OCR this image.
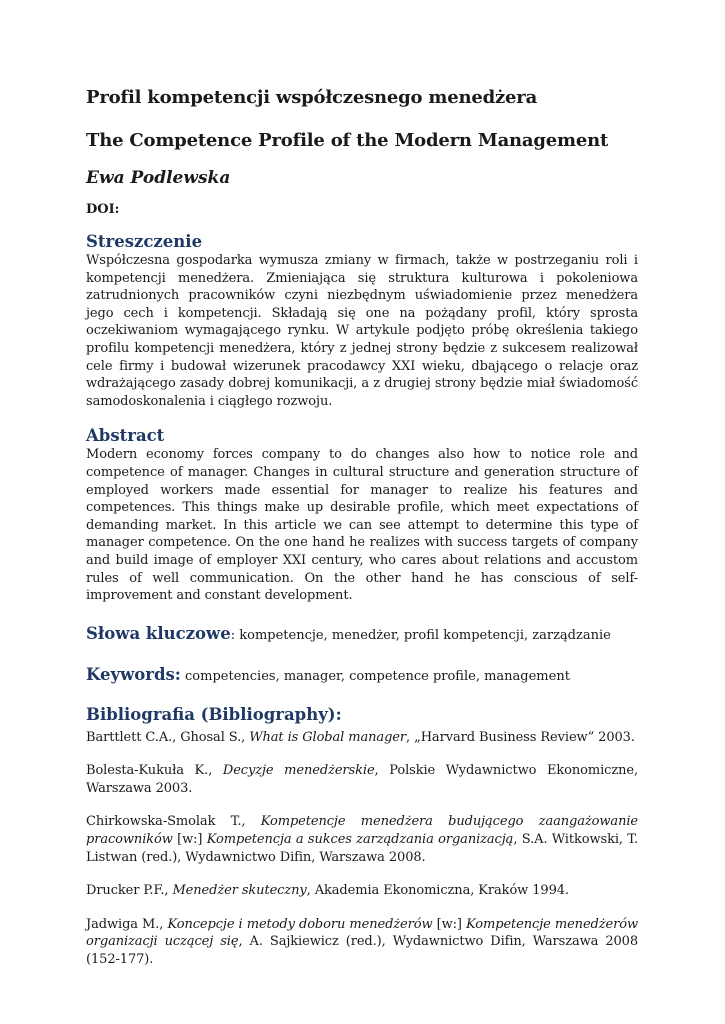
Profil kompetencji współczesnego menedżera
The Competence Profile of the Modern Management
Ewa Podlewska
DOI:
Streszczenie

Współczesna gospodarka wymusza zmiany w firmach, także w postrzeganiu roli i kompetencji menedżera. Zmieniająca się struktura kulturowa i pokoleniowa zatrudnionych pracowników czyni niezbędnym uświadomienie przez menedżera jego cech i kompetencji. Składają się one na pożądany profil, który sprosta oczekiwaniom wymagającego rynku. W artykule podjęto próbę określenia takiego profilu kompetencji menedżera, który z jednej strony będzie z sukcesem realizował cele firmy i budował wizerunek pracodawcy XXI wieku, dbającego o relacje oraz wdrażającego zasady dobrej komunikacji, a z drugiej strony będzie miał świadomość samodoskonalenia i ciągłego rozwoju.

Abstract

Modern economy forces company to do changes also how to notice role and competence of manager. Changes in cultural structure and generation structure of employed workers made essential for manager to realize his features and competences. This things make up desirable profile, which meet expectations of demanding market. In this article we can see attempt to determine this type of manager competence. On the one hand he realizes with success targets of company and build image of employer XXI century, who cares about relations and accustom rules of well communication. On the other hand he has conscious of self-improvement and constant development.

Słowa kluczowe: kompetencje, menedżer, profil kompetencji, zarządzanie
Keywords: competencies, manager, competence profile, management
Bibliografia (Bibliography):
Barttlett C.A., Ghosal S., What is Global manager, „Harvard Business Review” 2003.
Bolesta-Kukuła K., Decyzje menedżerskie, Polskie Wydawnictwo Ekonomiczne, Warszawa 2003.
Chirkowska-Smolak T., Kompetencje menedżera budującego zaangażowanie pracowników [w:] Kompetencja a sukces zarządzania organizacją, S.A. Witkowski, T. Listwan (red.), Wydawnictwo Difin, Warszawa 2008.
Drucker P.F., Menedżer skuteczny, Akademia Ekonomiczna, Kraków 1994.
Jadwiga M., Koncepcje i metody doboru menedżerów [w:] Kompetencje menedżerów organizacji uczącej się, A. Sajkiewicz (red.), Wydawnictwo Difin, Warszawa 2008 (152-177).
